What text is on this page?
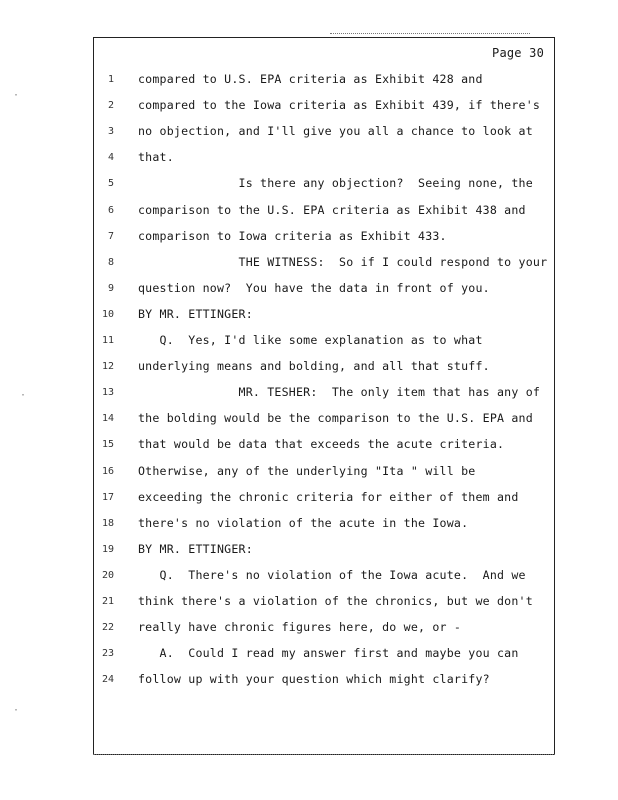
·
·
·
Page 30
1 compared to U.S. EPA criteria as Exhibit 428 and
2 compared to the Iowa criteria as Exhibit 439, if there's
3 no objection, and I'll give you all a chance to look at
4 that.
5 Is there any objection?  Seeing none, the
6 comparison to the U.S. EPA criteria as Exhibit 438 and
7 comparison to Iowa criteria as Exhibit 433.
8 THE WITNESS:  So if I could respond to your
9 question now?  You have the data in front of you.
10 BY MR. ETTINGER:
11 Q.  Yes, I'd like some explanation as to what
12 underlying means and bolding, and all that stuff.
13 MR. TESHER:  The only item that has any of
14 the bolding would be the comparison to the U.S. EPA and
15 that would be data that exceeds the acute criteria.
16 Otherwise, any of the underlying "Ita " will be
17 exceeding the chronic criteria for either of them and
18 there's no violation of the acute in the Iowa.
19 BY MR. ETTINGER:
20 Q.  There's no violation of the Iowa acute.  And we
21 think there's a violation of the chronics, but we don't
22 really have chronic figures here, do we, or -
23 A.  Could I read my answer first and maybe you can
24 follow up with your question which might clarify?
